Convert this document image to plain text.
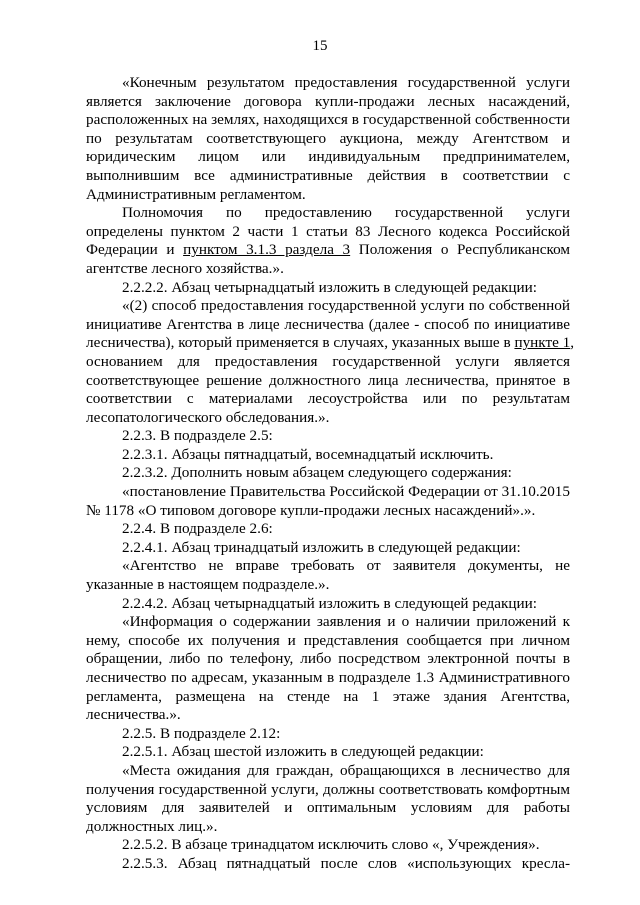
15
«Конечным результатом предоставления государственной услуги
является заключение договора купли-продажи лесных насаждений,
расположенных на землях, находящихся в государственной собственности
по результатам соответствующего аукциона, между Агентством и
юридическим лицом или индивидуальным предпринимателем,
выполнившим все административные действия в соответствии с
Административным регламентом.
Полномочия по предоставлению государственной услуги
определены пунктом 2 части 1 статьи 83 Лесного кодекса Российской
Федерации и пунктом 3.1.3 раздела 3 Положения о Республиканском
агентстве лесного хозяйства.».
2.2.2.2. Абзац четырнадцатый изложить в следующей редакции:
«(2) способ предоставления государственной услуги по собственной
инициативе Агентства в лице лесничества (далее - способ по инициативе
лесничества), который применяется в случаях, указанных выше в пункте 1,
основанием для предоставления государственной услуги является
соответствующее решение должностного лица лесничества, принятое в
соответствии с материалами лесоустройства или по результатам
лесопатологического обследования.».
2.2.3. В подразделе 2.5:
2.2.3.1. Абзацы пятнадцатый, восемнадцатый исключить.
2.2.3.2. Дополнить новым абзацем следующего содержания:
«постановление Правительства Российской Федерации от 31.10.2015
№ 1178 «О типовом договоре купли-продажи лесных насаждений».».
2.2.4. В подразделе 2.6:
2.2.4.1. Абзац тринадцатый изложить в следующей редакции:
«Агентство не вправе требовать от заявителя документы, не
указанные в настоящем подразделе.».
2.2.4.2. Абзац четырнадцатый изложить в следующей редакции:
«Информация о содержании заявления и о наличии приложений к
нему, способе их получения и представления сообщается при личном
обращении, либо по телефону, либо посредством электронной почты в
лесничество по адресам, указанным в подразделе 1.3 Административного
регламента, размещена на стенде на 1 этаже здания Агентства,
лесничества.».
2.2.5. В подразделе 2.12:
2.2.5.1. Абзац шестой изложить в следующей редакции:
«Места ожидания для граждан, обращающихся в лесничество для
получения государственной услуги, должны соответствовать комфортным
условиям для заявителей и оптимальным условиям для работы
должностных лиц.».
2.2.5.2. В абзаце тринадцатом исключить слово «, Учреждения».
2.2.5.3. Абзац пятнадцатый после слов «использующих кресла-
